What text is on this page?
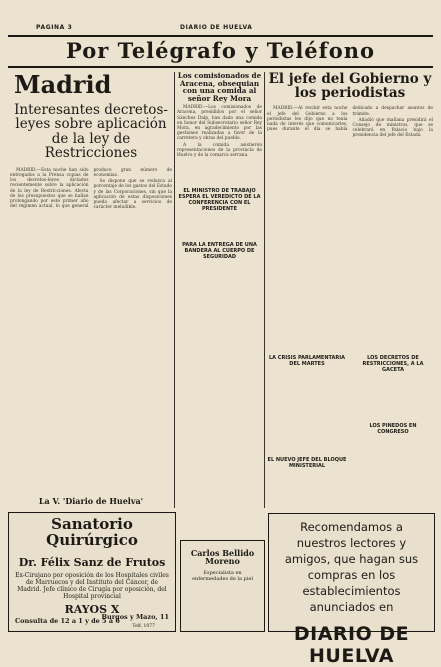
PAGINA 3	DIARIO DE HUELVA
Por Telégrafo y Teléfono
Madrid
Interesantes decretos-leyes sobre aplicación de la ley de Restricciones

MADRID.—Esta noche han sido entregados a la Prensa copias de los decretos-leyes dictados recientemente sobre la aplicación de la ley de Restricciones. Afecta de los presupuestos que se hallan prolongando por este primer año del régimen actual, lo que general produce gran número de economías.

Se dispone que se reduzca al porcentaje de los gastos del Estado y de las Corporaciones, sin que la aplicación de estas disposiciones pueda afectar a servicios de carácter ineludible.

La V. 'Diario de Huelva'
Los comisionados de Aracena, obsequian con una comida al señor Rey Mora

MADRID.—Los comisionados de Aracena, presididos por el señor Sánchez Dalp, han dado una comida en honor del Subsecretario señor Rey Mora, en agradecimiento por las gestiones realizadas a favor de la carretera y obras del pueblo.

A la comida asistieron representaciones de la provincia de Huelva y de la comarca serrana.

EL MINISTRO DE TRABAJO ESPERA EL VEREDICTO DE LA CONFERENCIA CON EL PRESIDENTE
PARA LA ENTREGA DE UNA BANDERA AL CUERPO DE SEGURIDAD
El jefe del Gobierno y los periodistas

MADRID.—Al recibir esta noche el jefe del Gobierno a los periodistas les dijo que no tenía nada de interés que comunicarles, pues durante el día se había dedicado a despachar asuntos de trámite.

Añadió que mañana presidirá el Consejo de ministros, que se celebrará en Palacio bajo la presidencia del jefe del Estado.

LA CRISIS PARLAMENTARIA DEL MARTES
EL NUEVO JEFE DEL BLOQUE MINISTERIAL
LOS DECRETOS DE RESTRICCIONES, A LA GACETA
LOS PINEDOS EN CONGRESO
Sanatorio Quirúrgico
Dr. Félix Sanz de Frutos
Ex-Cirujano por oposición de los Hospitales civiles de Marruecos y del Instituto del Cáncer, de Madrid. Jefe clínico de Cirugía por oposición, del Hospital provincial
RAYOS X
Consulta de 12 a 1 y de 5 a 6
Burgos y Mazo, 11
Telf. 1077
Carlos Bellido Moreno
Especialista en enfermedades de la piel
Recomendamos a nuestros lectores y amigos, que hagan sus compras en los establecimientos anunciados en
DIARIO DE HUELVA
